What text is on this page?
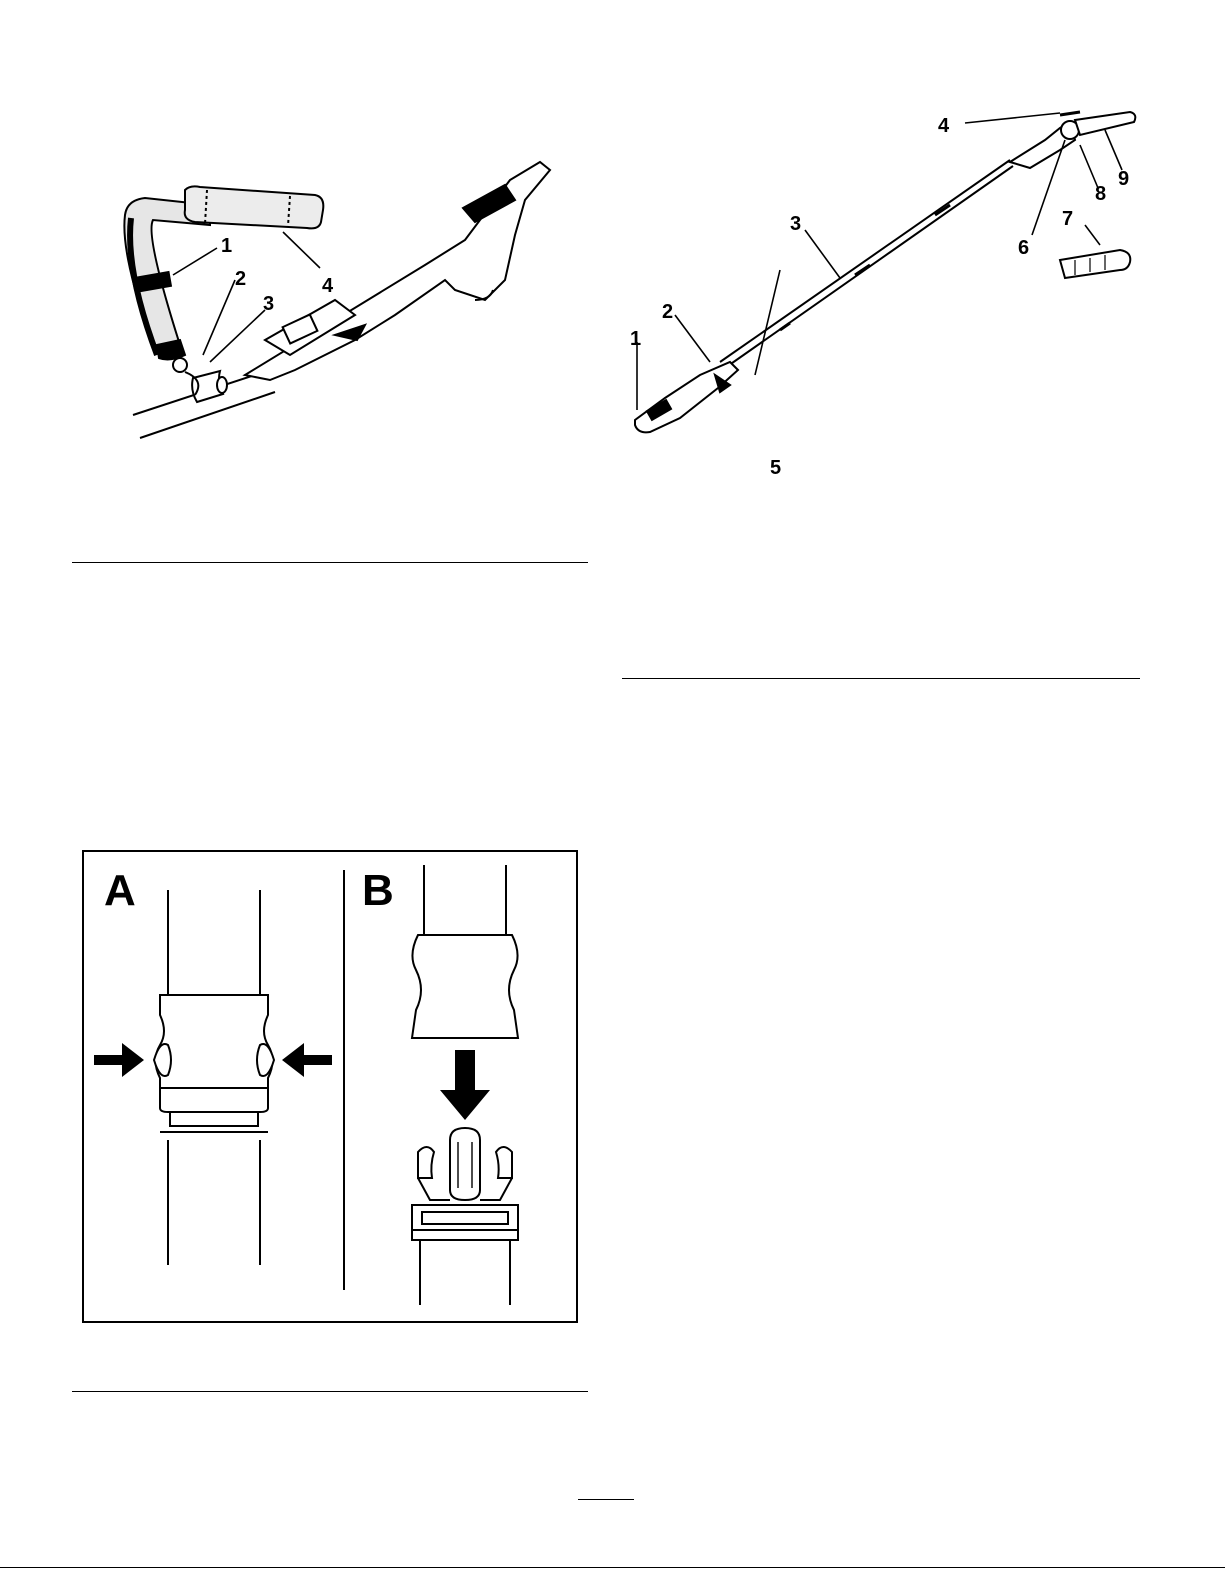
1
2
3
4
1
2
3
4
5
6
7
8
9
A	B
